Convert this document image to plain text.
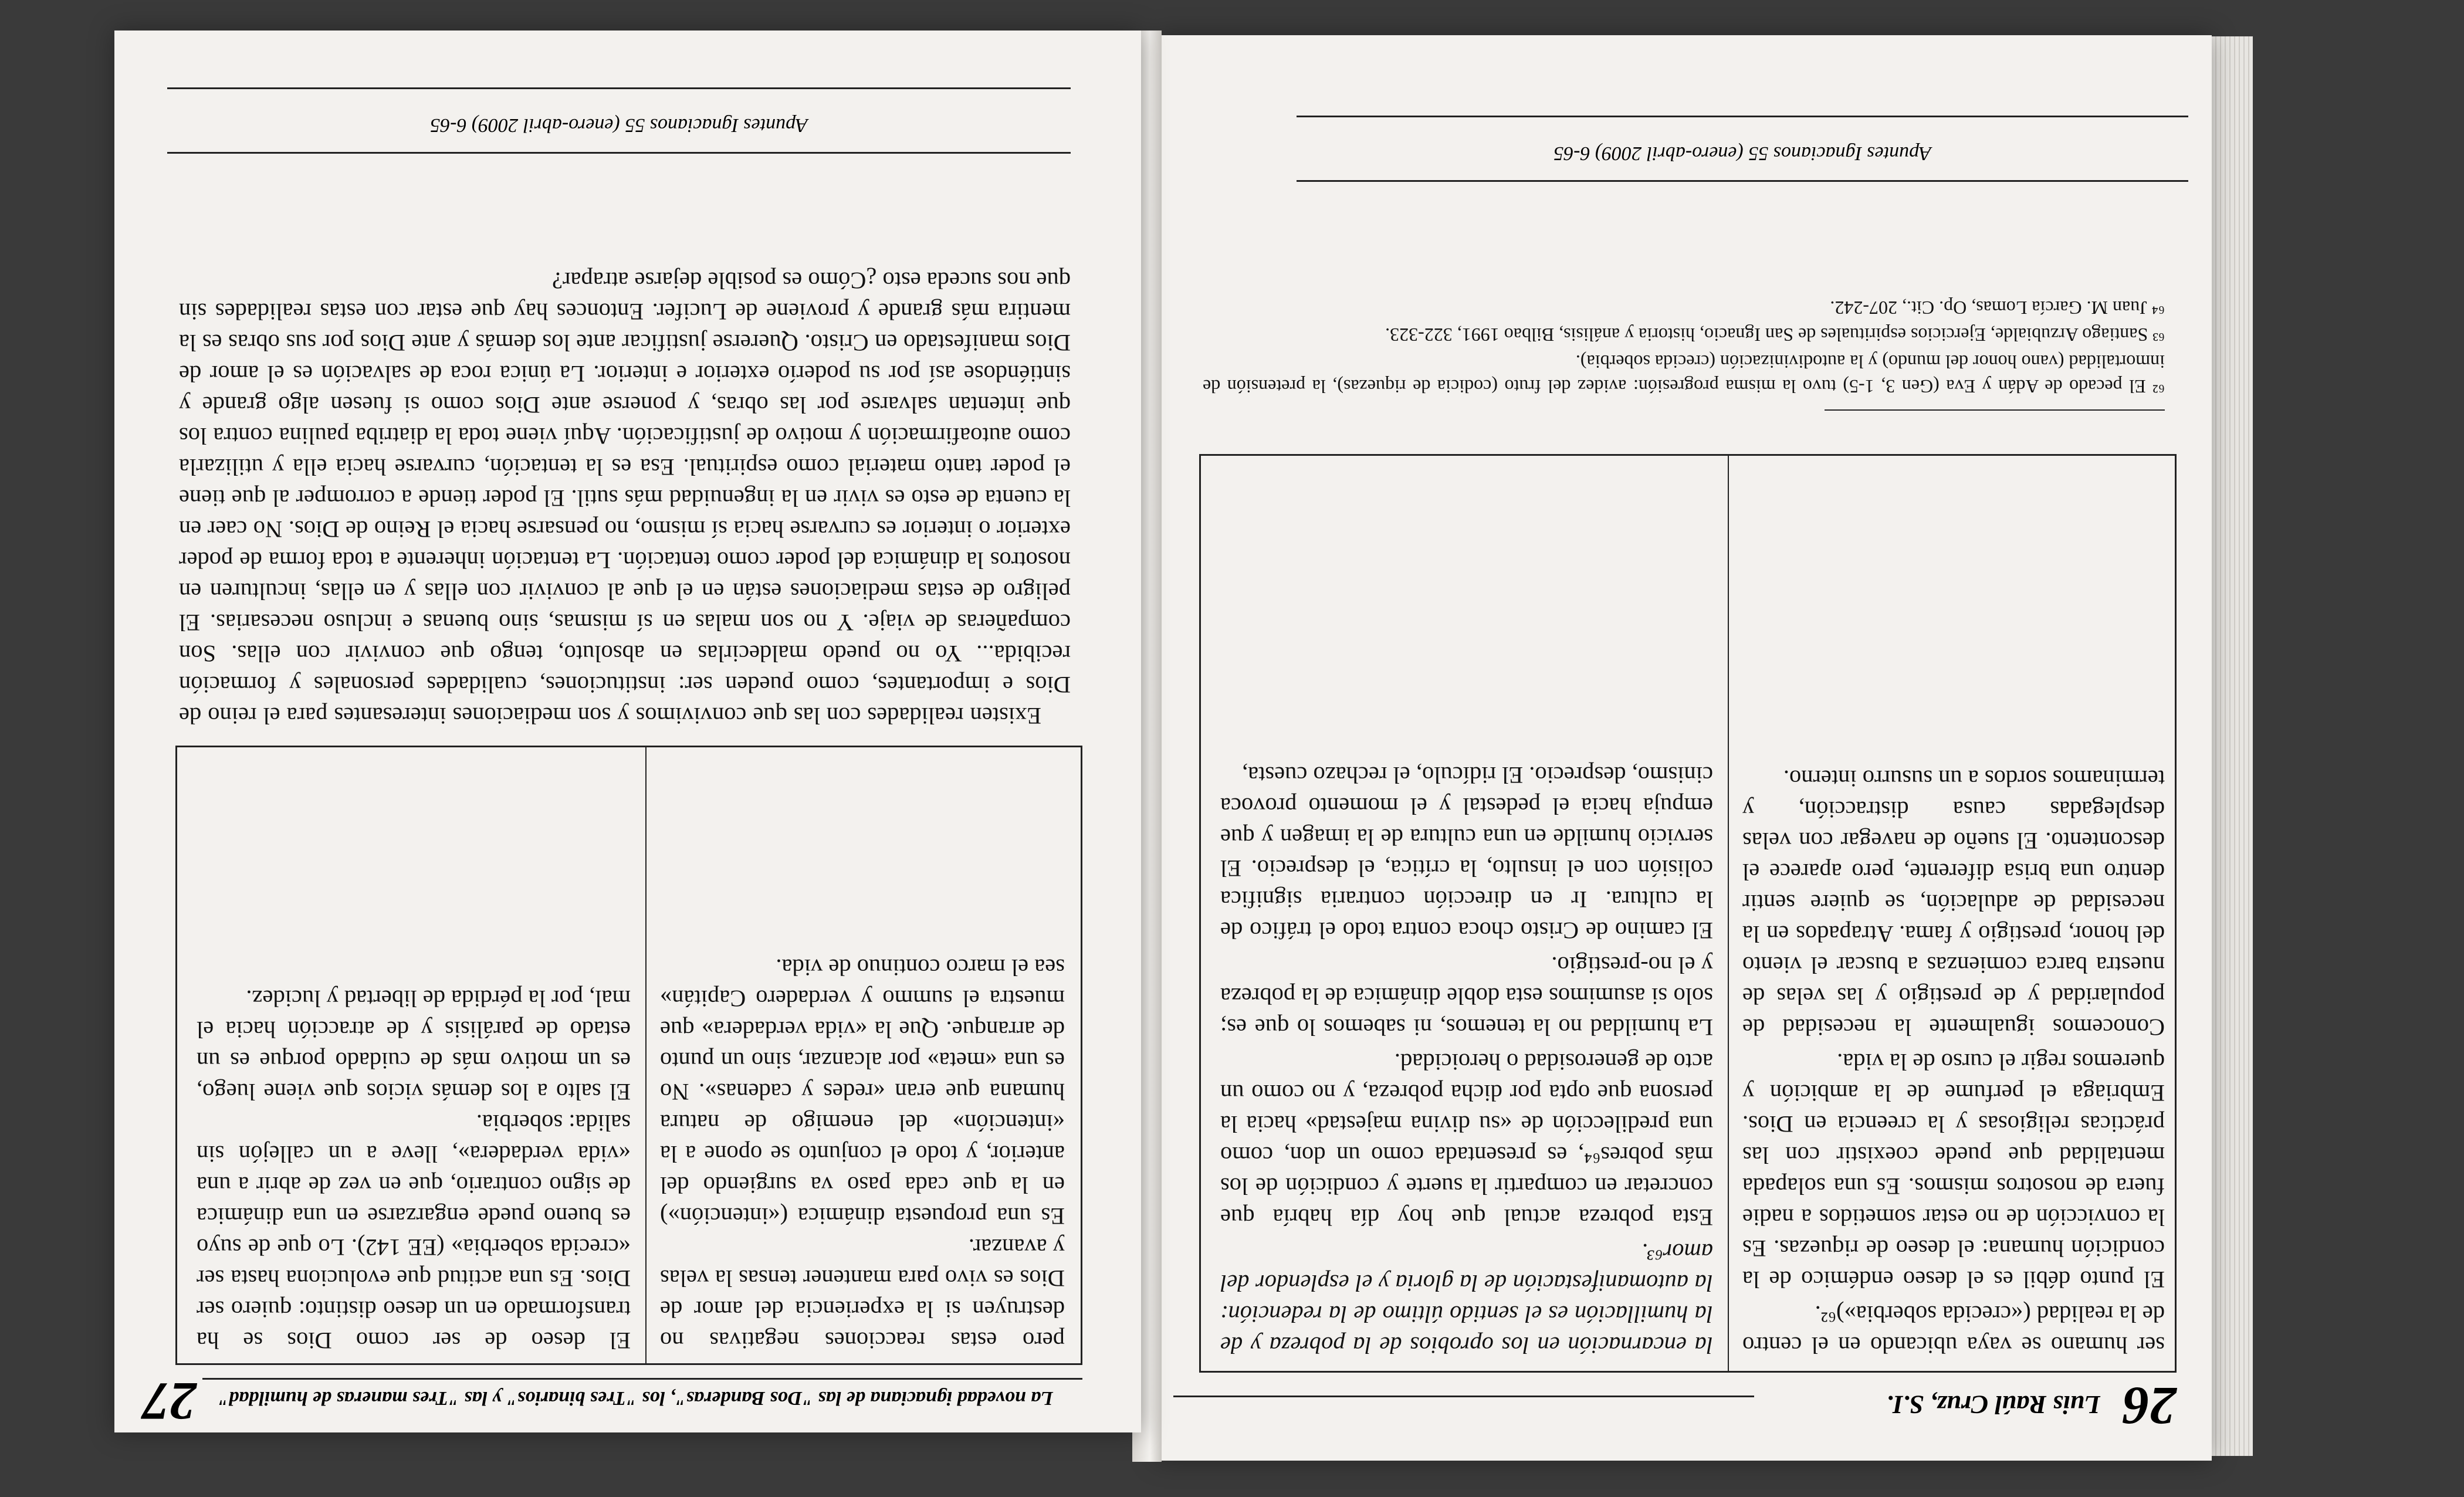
26
Luis Raúl Cruz, S.I.

ser humano se vaya ubicando en el centro de la realidad («crecida soberbia»)⁶².

El punto débil es el deseo endémico de la condición humana: el deseo de riquezas. Es la convicción de no estar sometidos a nadie fuera de nosotros mismos. Es una solapada mentalidad que puede coexistir con las prácticas religiosas y la creencia en Dios. Embriaga el perfume de la ambición y queremos regir el curso de la vida.

Conocemos igualmente la necesidad de popularidad y de prestigio y las velas de nuestra barca comienzas a buscar el viento del honor, prestigio y fama. Atrapados en la necesidad de adulación, se quiere sentir dentro una brisa diferente, pero aparece el descontento. El sueño de navegar con velas desplegadas causa distracción, y terminamos sordos a un susurro interno.

la encarnación en los oprobios de la pobreza y de la humillación es el sentido último de la redención: la automanifestación de la gloria y el esplendor del amor⁶³.

Esta pobreza actual que hoy día habría que concretar en compartir la suerte y condición de los más pobres⁶⁴, es presentada como un don, como una predilección de «su divina majestad» hacia la persona que opta por dicha pobreza, y no como un acto de generosidad o heroicidad.

La humildad no la tenemos, ni sabemos lo que es; solo si asumimos esta doble dinámica de la pobreza y el no-prestigio.

El camino de Cristo choca contra todo el tráfico de la cultura. Ir en dirección contraria significa colisión con el insulto, la crítica, el desprecio. El servicio humilde en una cultura de la imagen y que empuja hacia el pedestal y el momento provoca cinismo, desprecio. El ridículo, el rechazo cuesta,

⁶² El pecado de Adán y Eva (Gen 3, 1-5) tuvo la misma progresión: avidez del fruto (codicia de riquezas), la pretensión de inmortalidad (vano honor del mundo) y la autodivinización (crecida soberbia).

⁶³ Santiago Arzubialde, Ejercicios espirituales de San Ignacio, historia y análisis, Bilbao 1991, 322-323.

⁶⁴ Juan M. García Lomas, Op. Cit., 207-242.

Apuntes Ignacianos 55 (enero-abril 2009) 6-65
La novedad ignaciana de las "Dos Banderas", los "Tres binarios" y las "Tres maneras de humildad"
27

pero estas reacciones negativas no destruyen si la experiencia del amor de Dios es vivo para mantener tensas la velas y avanzar.

Es una propuesta dinámica («intención») en la que cada paso va surgiendo del anterior, y todo el conjunto se opone a la «intención» del enemigo de natura humana que eran «redes y cadenas». No es una «meta» por alcanzar, sino un punto de arranque. Que la «vida verdadera» que muestra el summo y verdadero Capitán» sea el marco continuo de vida.

El deseo de ser como Dios se ha transformado en un deseo distinto: quiero ser Dios. Es una actitud que evoluciona hasta ser «crecida soberbia» (EE 142). Lo que de suyo es bueno puede engarzarse en una dinámica de signo contrario, que en vez de abrir a una «vida verdadera», lleve a un callejón sin salida: soberbia.

El salto a los demás vicios que viene luego, es un motivo más de cuidado porque es un estado de parálisis y de atracción hacia el mal, por la pérdida de libertad y lucidez.

Existen realidades con las que convivimos y son mediaciones interesantes para el reino de Dios e importantes, como pueden ser: instituciones, cualidades personales y formación recibida... Yo no puedo maldecirlas en absoluto, tengo que convivir con ellas. Son compañeras de viaje. Y no son malas en sí mismas, sino buenas e incluso necesarias. El peligro de estas mediaciones están en el que al convivir con ellas y en ellas, inculturen en nosotros la dinámica del poder como tentación. La tentación inherente a toda forma de poder exterior o interior es curvarse hacia sí mismo, no pensarse hacia el Reino de Dios. No caer en la cuenta de esto es vivir en la ingenuidad más sutil. El poder tiende a corromper al que tiene el poder tanto material como espiritual. Esa es la tentación, curvarse hacia ella y utilizarla como autoafirmación y motivo de justificación. Aquí viene toda la diatriba paulina contra los que intentan salvarse por las obras, y ponerse ante Dios como si fuesen algo grande y sintiéndose así por su poderío exterior e interior. La única roca de salvación es el amor de Dios manifestado en Cristo. Quererse justificar ante los demás y ante Dios por sus obras es la mentira más grande y proviene de Lucifer. Entonces hay que estar con estas realidades sin que nos suceda esto ¿Cómo es posible dejarse atrapar?

Apuntes Ignacianos 55 (enero-abril 2009) 6-65
